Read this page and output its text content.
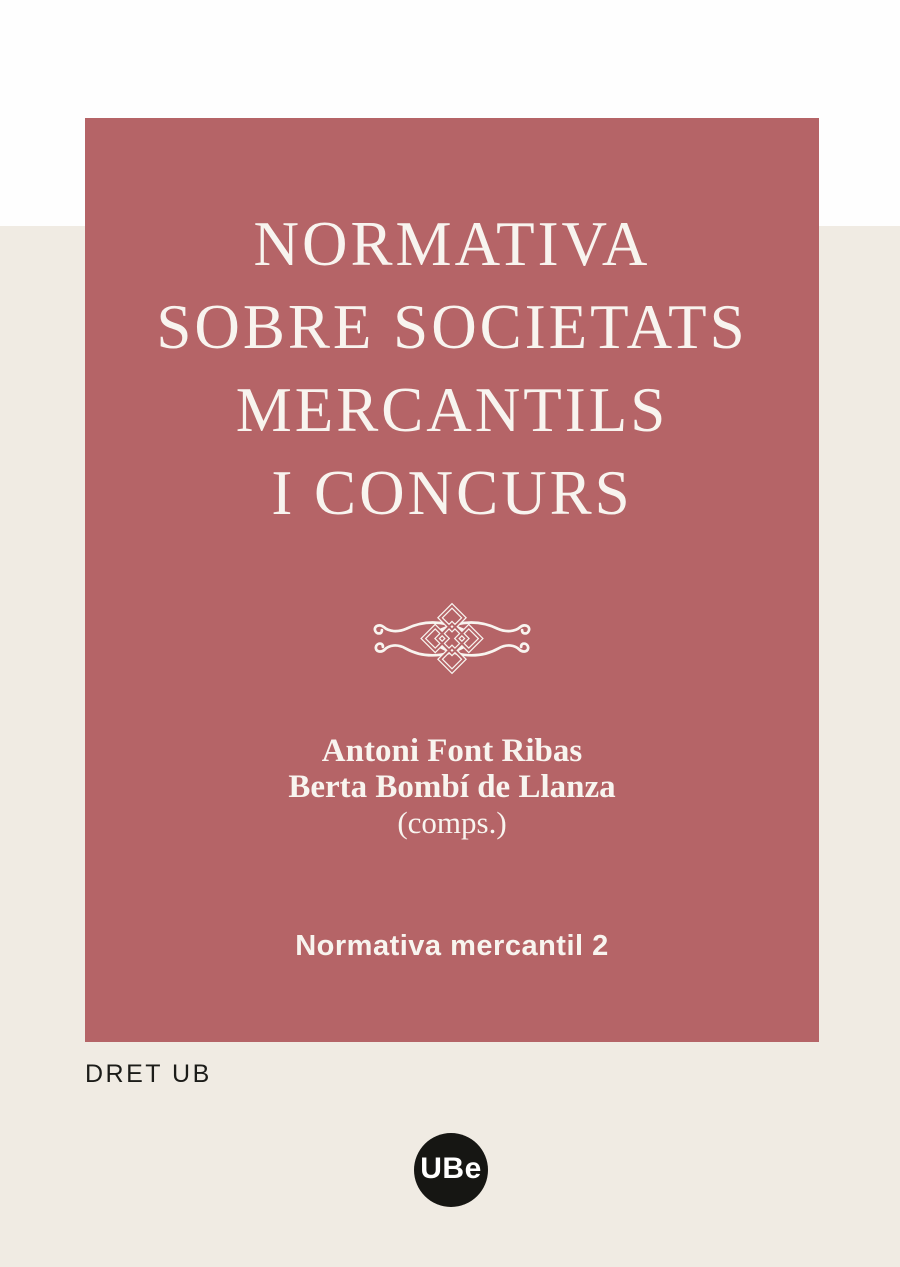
NORMATIVA
SOBRE SOCIETATS
MERCANTILS
I CONCURS
Antoni Font Ribas
Berta Bombí de Llanza
(comps.)
Normativa mercantil 2
DRET UB
UBe
